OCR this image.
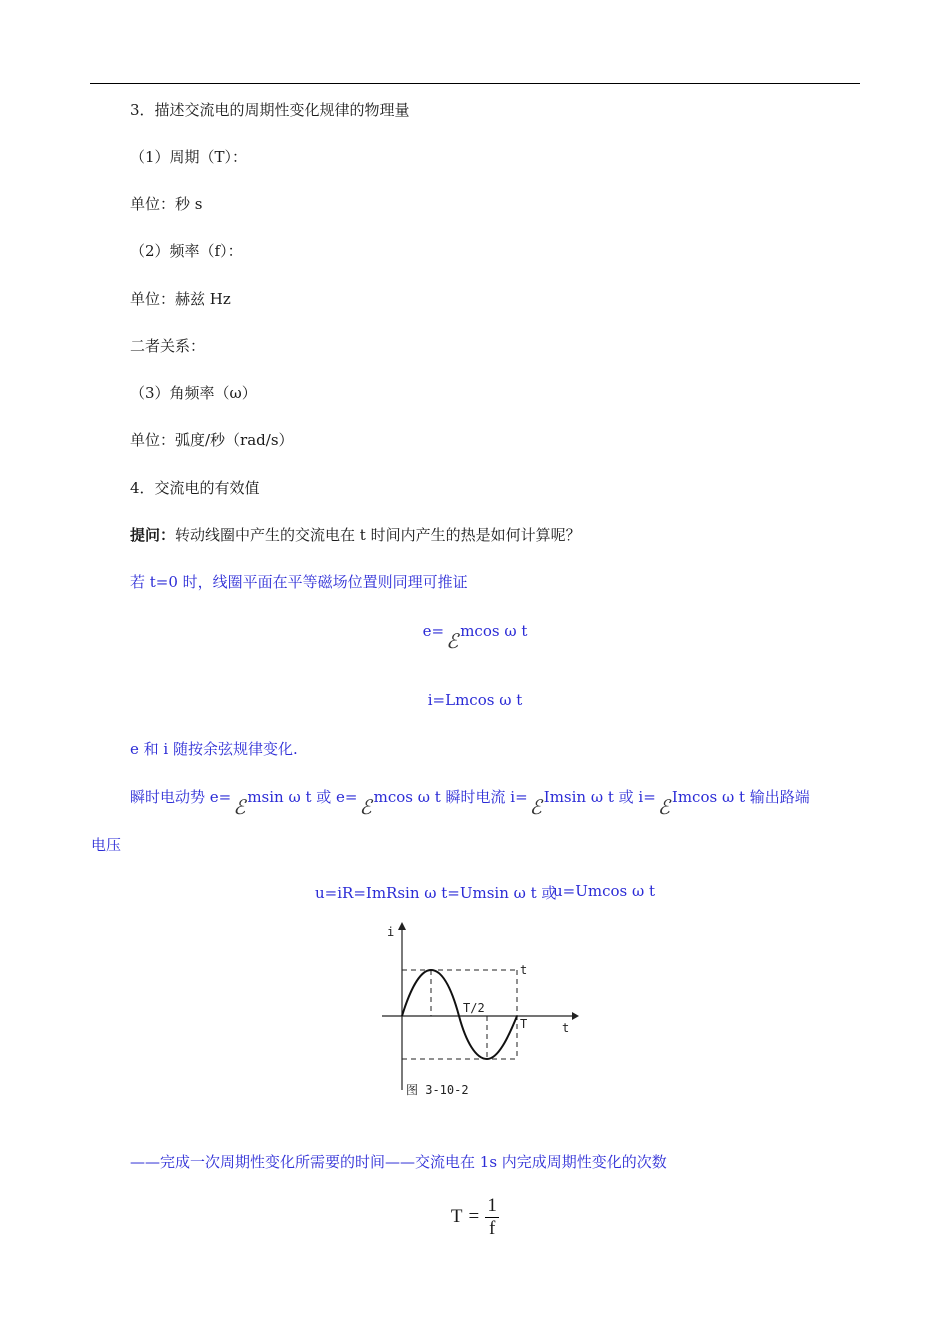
3．描述交流电的周期性变化规律的物理量
（1）周期（T）：
单位：秒 s
（2）频率（f）：
单位：赫兹 Hz
二者关系：
（3）角频率（ω）
单位：弧度/秒（rad/s）
4．交流电的有效值
提问：转动线圈中产生的交流电在 t 时间内产生的热是如何计算呢？
若 t=0 时，线圈平面在平等磁场位置则同理可推证
e= ℰ mcos ω t
i=Lmcos ω t
e 和 i 随按余弦规律变化.
瞬时电动势 e= ℰ msin ω t 或 e= ℰ mcos ω t 瞬时电流 i= ℰ Imsin ω t 或 i= ℰ Imcos ω t 输出路端
电压
u=iR=ImRsin ω t=Umsin ω t 或
u=Umcos ω t
i
t
t
T/2
T
图 3-10-2
——完成一次周期性变化所需要的时间——交流电在 1s 内完成周期性变化的次数
T =
1
f
